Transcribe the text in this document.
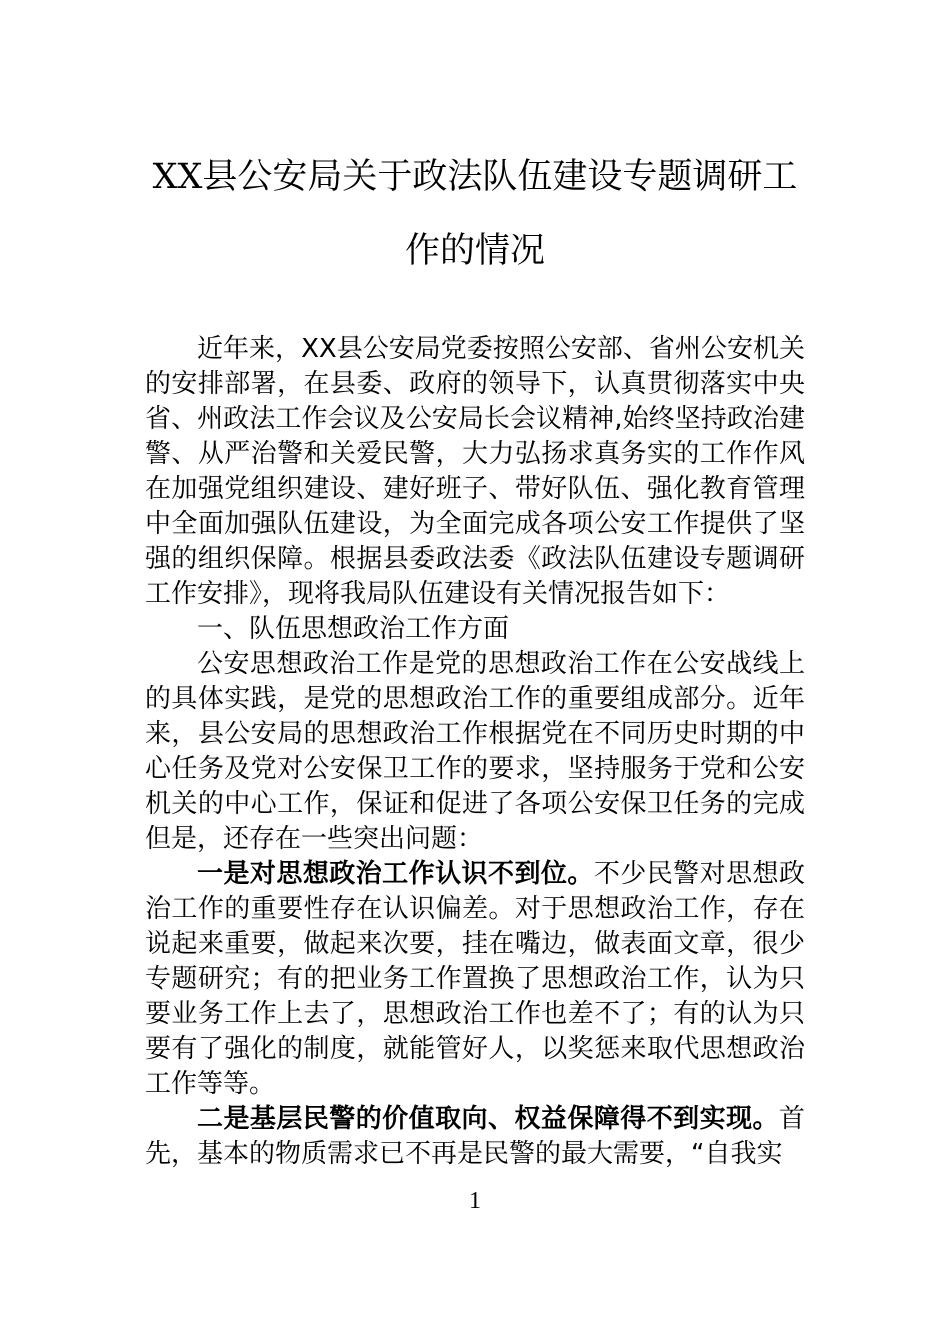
XX县公安局关于政法队伍建设专题调研工
作的情况

近年来，XX县公安局党委按照公安部、省州公安机关的安排部署，在县委、政府的领导下，认真贯彻落实中央省、州政法工作会议及公安局长会议精神,始终坚持政治建警、从严治警和关爱民警，大力弘扬求真务实的工作作风在加强党组织建设、建好班子、带好队伍、强化教育管理中全面加强队伍建设，为全面完成各项公安工作提供了坚强的组织保障。根据县委政法委《政法队伍建设专题调研工作安排》，现将我局队伍建设有关情况报告如下：

一、队伍思想政治工作方面

公安思想政治工作是党的思想政治工作在公安战线上的具体实践，是党的思想政治工作的重要组成部分。近年来，县公安局的思想政治工作根据党在不同历史时期的中心任务及党对公安保卫工作的要求，坚持服务于党和公安机关的中心工作，保证和促进了各项公安保卫任务的完成但是，还存在一些突出问题：

一是对思想政治工作认识不到位。不少民警对思想政治工作的重要性存在认识偏差。对于思想政治工作，存在说起来重要，做起来次要，挂在嘴边，做表面文章，很少专题研究；有的把业务工作置换了思想政治工作，认为只要业务工作上去了，思想政治工作也差不了；有的认为只要有了强化的制度，就能管好人，以奖惩来取代思想政治工作等等。

二是基层民警的价值取向、权益保障得不到实现。首先，基本的物质需求已不再是民警的最大需要，“自我实

1
